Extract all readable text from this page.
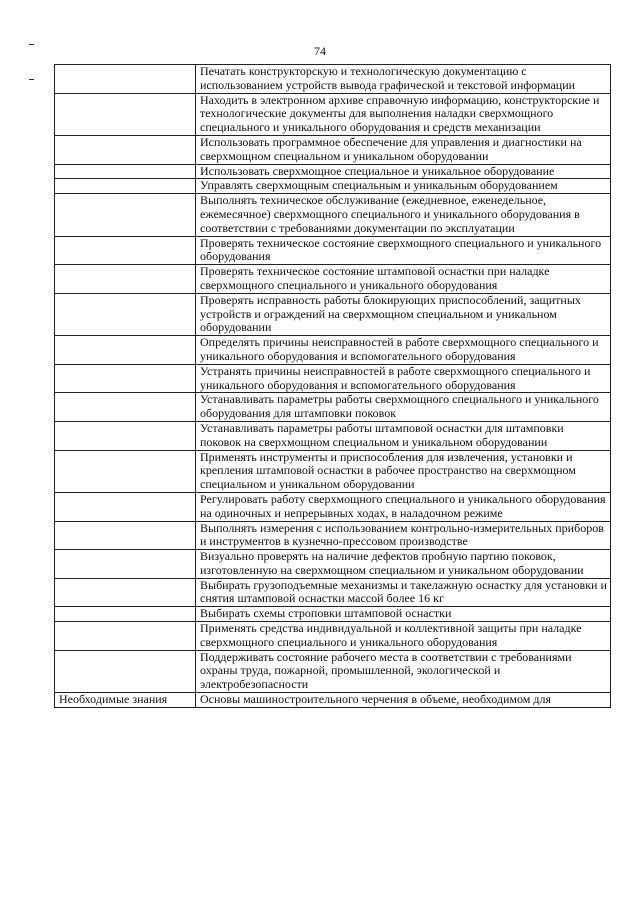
74
	Печатать конструкторскую и технологическую документацию с использованием устройств вывода графической и текстовой информации
	Находить в электронном архиве справочную информацию, конструкторские и технологические документы для выполнения наладки сверхмощного специального и уникального оборудования и средств механизации
	Использовать программное обеспечение для управления и диагностики на сверхмощном специальном и уникальном оборудовании
	Использовать сверхмощное специальное и уникальное оборудование
	Управлять сверхмощным специальным и уникальным оборудованием
	Выполнять техническое обслуживание (ежедневное, еженедельное, ежемесячное) сверхмощного специального и уникального оборудования в соответствии с требованиями документации по эксплуатации
	Проверять техническое состояние сверхмощного специального и уникального оборудования
	Проверять техническое состояние штамповой оснастки при наладке сверхмощного специального и уникального оборудования
	Проверять исправность работы блокирующих приспособлений, защитных устройств и ограждений на сверхмощном специальном и уникальном оборудовании
	Определять причины неисправностей в работе сверхмощного специального и уникального оборудования и вспомогательного оборудования
	Устранять причины неисправностей в работе сверхмощного специального и уникального оборудования и вспомогательного оборудования
	Устанавливать параметры работы сверхмощного специального и уникального оборудования для штамповки поковок
	Устанавливать параметры работы штамповой оснастки для штамповки поковок на сверхмощном специальном и уникальном оборудовании
	Применять инструменты и приспособления для извлечения, установки и крепления штамповой оснастки в рабочее пространство на сверхмощном специальном и уникальном оборудовании
	Регулировать работу сверхмощного специального и уникального оборудования на одиночных и непрерывных ходах, в наладочном режиме
	Выполнять измерения с использованием контрольно-измерительных приборов и инструментов в кузнечно-прессовом производстве
	Визуально проверять на наличие дефектов пробную партию поковок, изготовленную на сверхмощном специальном и уникальном оборудовании
	Выбирать грузоподъемные механизмы и такелажную оснастку для установки и снятия штамповой оснастки массой более 16 кг
	Выбирать схемы строповки штамповой оснастки
	Применять средства индивидуальной и коллективной защиты при наладке сверхмощного специального и уникального оборудования
	Поддерживать состояние рабочего места в соответствии с требованиями охраны труда, пожарной, промышленной, экологической и электробезопасности
Необходимые знания	Основы машиностроительного черчения в объеме, необходимом для
